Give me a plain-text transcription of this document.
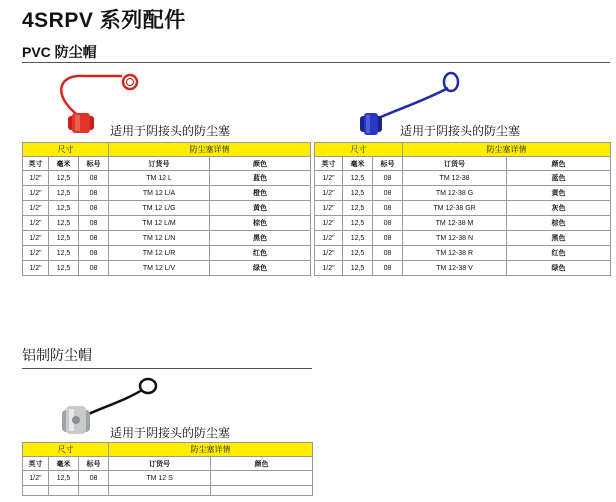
4SRPV 系列配件
PVC 防尘帽
适用于阴接头的防尘塞	适用于阴接头的防尘塞
尺寸			防尘塞详情	
英寸	毫米	标号	订货号	颜色
1/2"	12,5	08	TM 12 L	蓝色
1/2"	12,5	08	TM 12 L/A	橙色
1/2"	12,5	08	TM 12 L/G	黄色
1/2"	12,5	08	TM 12 L/M	棕色
1/2"	12,5	08	TM 12 L/N	黑色
1/2"	12,5	08	TM 12 L/R	红色
1/2"	12,5	08	TM 12 L/V	绿色
尺寸			防尘塞详情	
英寸	毫米	标号	订货号	颜色
1/2"	12,5	08	TM 12-38	蓝色
1/2"	12,5	08	TM 12-38 G	黄色
1/2"	12,5	08	TM 12-38 GR	灰色
1/2"	12,5	08	TM 12-38 M	棕色
1/2"	12,5	08	TM 12-38 N	黑色
1/2"	12,5	08	TM 12-38 R	红色
1/2"	12,5	08	TM 12-38 V	绿色
铝制防尘帽
适用于阴接头的防尘塞
尺寸			防尘塞详情	
英寸	毫米	标号	订货号	颜色
1/2"	12,5	08	TM 12 S	
